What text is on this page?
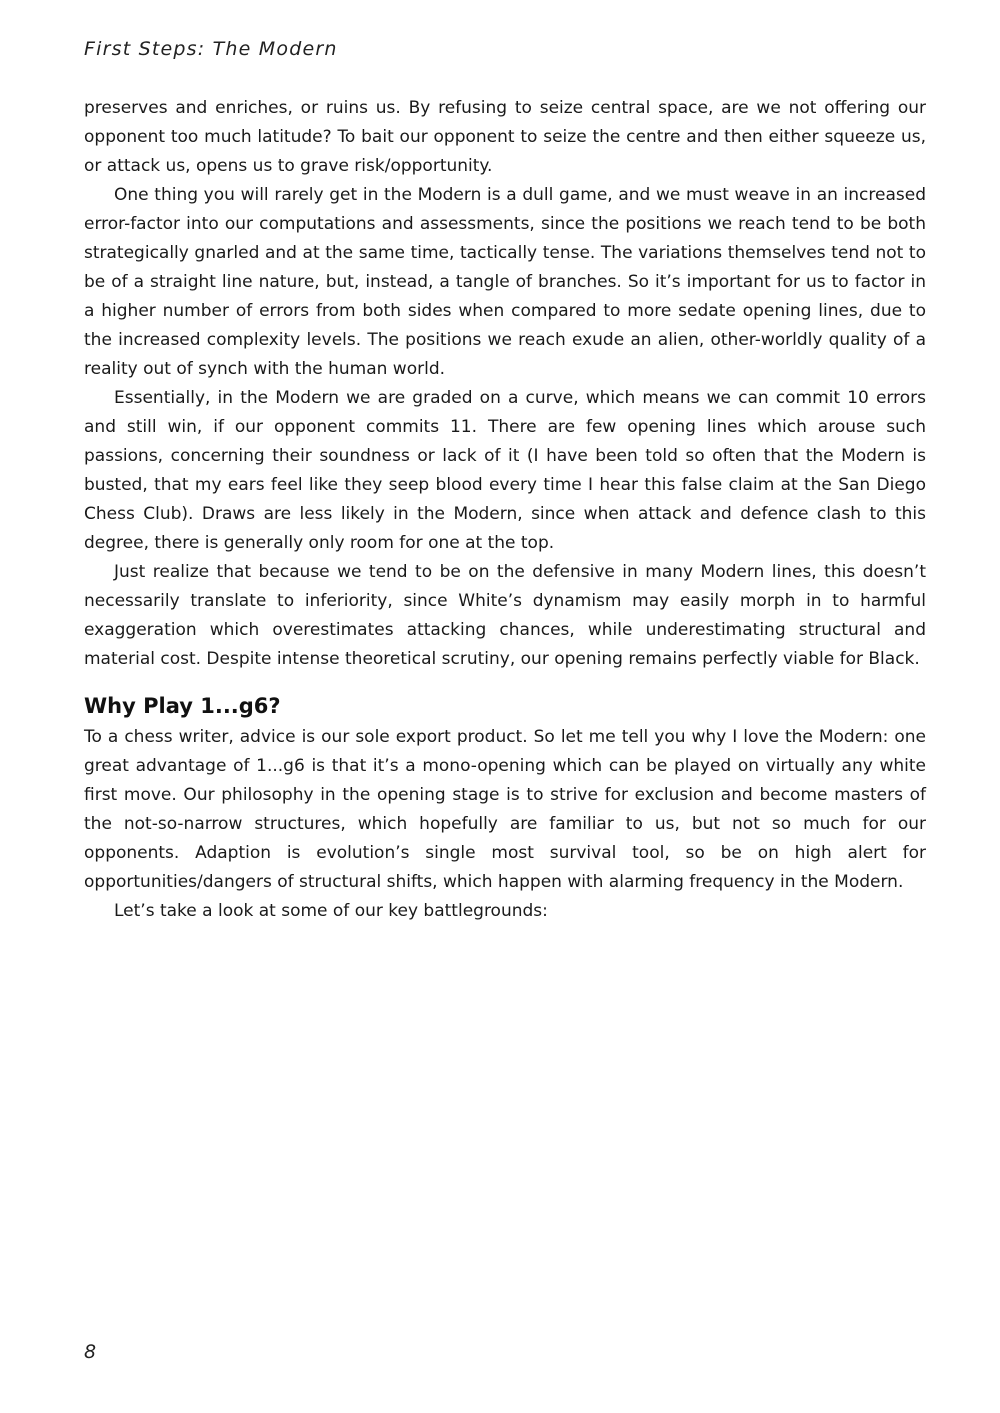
First Steps: The Modern

preserves and enriches, or ruins us. By refusing to seize central space, are we not offering our opponent too much latitude? To bait our opponent to seize the centre and then either squeeze us, or attack us, opens us to grave risk/opportunity.

One thing you will rarely get in the Modern is a dull game, and we must weave in an increased error-factor into our computations and assessments, since the positions we reach tend to be both strategically gnarled and at the same time, tactically tense. The variations themselves tend not to be of a straight line nature, but, instead, a tangle of branches. So it’s important for us to factor in a higher number of errors from both sides when compared to more sedate opening lines, due to the increased complexity levels. The positions we reach exude an alien, other-worldly quality of a reality out of synch with the human world.

Essentially, in the Modern we are graded on a curve, which means we can commit 10 errors and still win, if our opponent commits 11. There are few opening lines which arouse such passions, concerning their soundness or lack of it (I have been told so often that the Modern is busted, that my ears feel like they seep blood every time I hear this false claim at the San Diego Chess Club). Draws are less likely in the Modern, since when attack and defence clash to this degree, there is generally only room for one at the top.

Just realize that because we tend to be on the defensive in many Modern lines, this doesn’t necessarily translate to inferiority, since White’s dynamism may easily morph in to harmful exaggeration which overestimates attacking chances, while underestimating structural and material cost. Despite intense theoretical scrutiny, our opening remains perfectly viable for Black.

Why Play 1...g6?

To a chess writer, advice is our sole export product. So let me tell you why I love the Modern: one great advantage of 1...g6 is that it’s a mono-opening which can be played on virtually any white first move. Our philosophy in the opening stage is to strive for exclusion and become masters of the not-so-narrow structures, which hopefully are familiar to us, but not so much for our opponents. Adaption is evolution’s single most survival tool, so be on high alert for opportunities/dangers of structural shifts, which happen with alarming frequency in the Modern.

Let’s take a look at some of our key battlegrounds:

8
